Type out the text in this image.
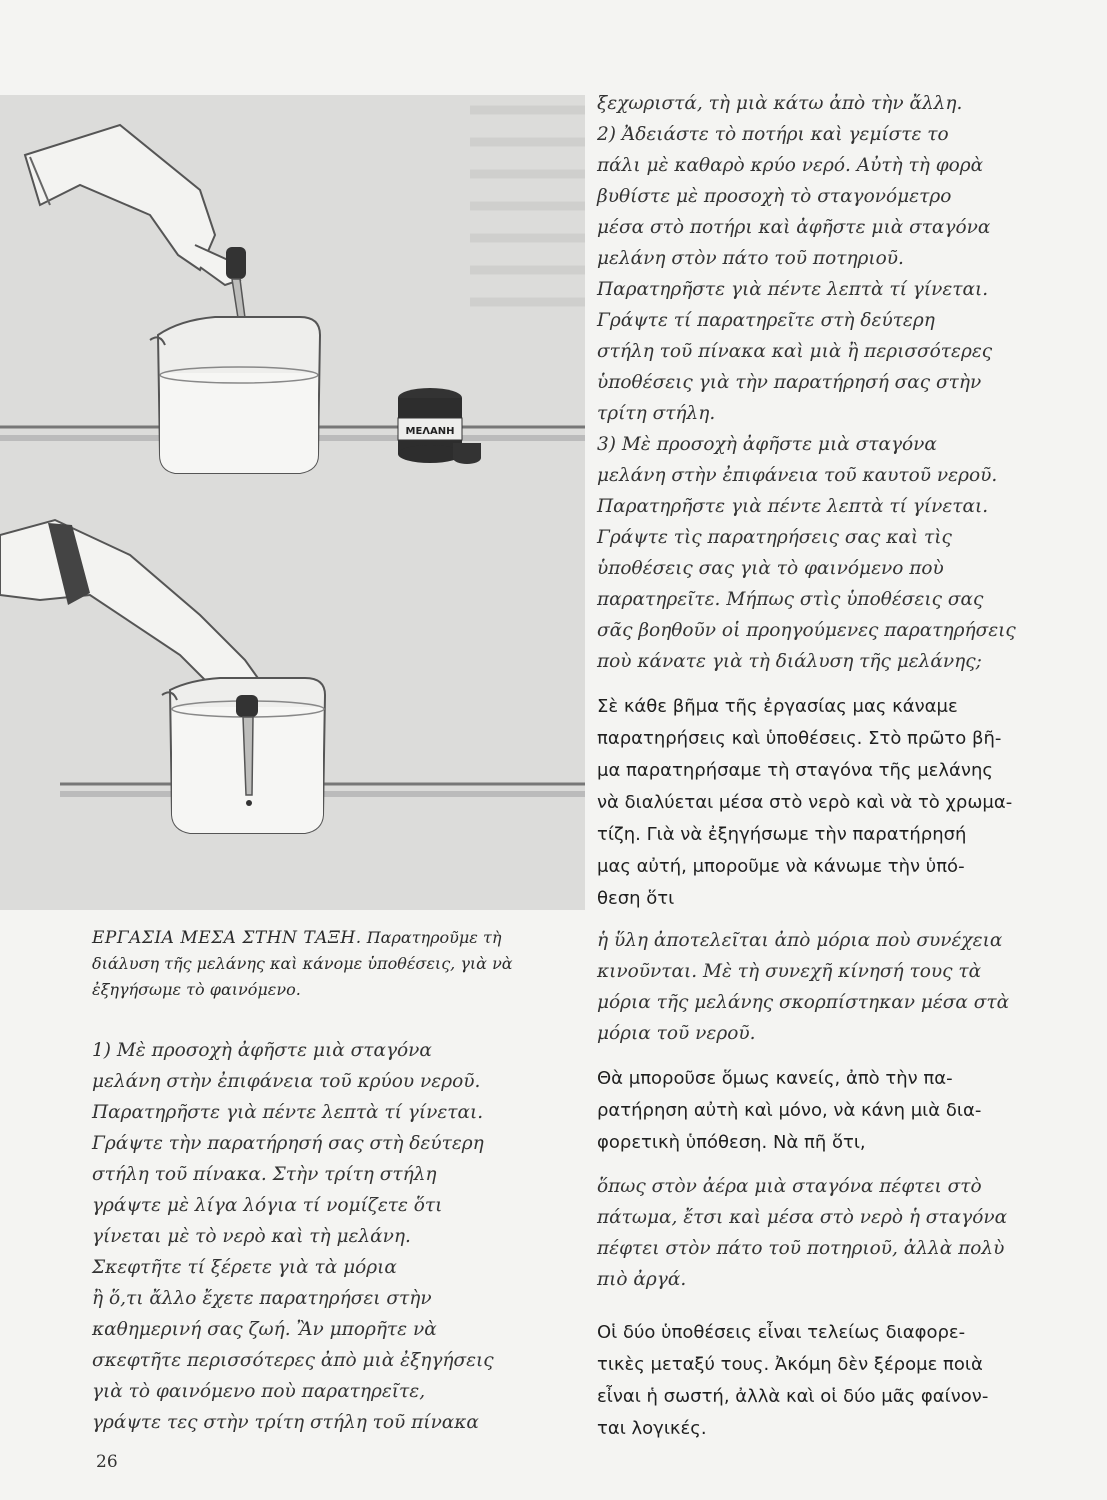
ΜΕΛΑΝΗ
ΕΡΓΑΣΙΑ ΜΕΣΑ ΣΤΗΝ ΤΑΞΗ. Παρατηροῦμε τὴ διάλυση τῆς μελάνης καὶ κάνομε ὑποθέσεις, γιὰ νὰ ἐξηγήσωμε τὸ φαινόμενο.
1) Μὲ προσοχὴ ἀφῆστε μιὰ σταγόνα
μελάνη στὴν ἐπιφάνεια τοῦ κρύου νεροῦ.
Παρατηρῆστε γιὰ πέντε λεπτὰ τί γίνεται.
Γράψτε τὴν παρατήρησή σας στὴ δεύτερη
στήλη τοῦ πίνακα. Στὴν τρίτη στήλη
γράψτε μὲ λίγα λόγια τί νομίζετε ὅτι
γίνεται μὲ τὸ νερὸ καὶ τὴ μελάνη.
Σκεφτῆτε τί ξέρετε γιὰ τὰ μόρια
ἢ ὅ,τι ἄλλο ἔχετε παρατηρήσει στὴν
καθημερινή σας ζωή. Ἂν μπορῆτε νὰ
σκεφτῆτε περισσότερες ἀπὸ μιὰ ἐξηγήσεις
γιὰ τὸ φαινόμενο ποὺ παρατηρεῖτε,
γράψτε τες στὴν τρίτη στήλη τοῦ πίνακα

ξεχωριστά, τὴ μιὰ κάτω ἀπὸ τὴν ἄλλη.
2) Ἀδειάστε τὸ ποτήρι καὶ γεμίστε το
πάλι μὲ καθαρὸ κρύο νερό. Αὐτὴ τὴ φορὰ
βυθίστε μὲ προσοχὴ τὸ σταγονόμετρο
μέσα στὸ ποτήρι καὶ ἀφῆστε μιὰ σταγόνα
μελάνη στὸν πάτο τοῦ ποτηριοῦ.
Παρατηρῆστε γιὰ πέντε λεπτὰ τί γίνεται.
Γράψτε τί παρατηρεῖτε στὴ δεύτερη
στήλη τοῦ πίνακα καὶ μιὰ ἢ περισσότερες
ὑποθέσεις γιὰ τὴν παρατήρησή σας στὴν
τρίτη στήλη.
3) Μὲ προσοχὴ ἀφῆστε μιὰ σταγόνα
μελάνη στὴν ἐπιφάνεια τοῦ καυτοῦ νεροῦ.
Παρατηρῆστε γιὰ πέντε λεπτὰ τί γίνεται.
Γράψτε τὶς παρατηρήσεις σας καὶ τὶς
ὑποθέσεις σας γιὰ τὸ φαινόμενο ποὺ
παρατηρεῖτε. Μήπως στὶς ὑποθέσεις σας
σᾶς βοηθοῦν οἱ προηγούμενες παρατηρήσεις
ποὺ κάνατε γιὰ τὴ διάλυση τῆς μελάνης;

Σὲ κάθε βῆμα τῆς ἐργασίας μας κάναμε
παρατηρήσεις καὶ ὑποθέσεις. Στὸ πρῶτο βῆ-
μα παρατηρήσαμε τὴ σταγόνα τῆς μελάνης
νὰ διαλύεται μέσα στὸ νερὸ καὶ νὰ τὸ χρωμα-
τίζη. Γιὰ νὰ ἐξηγήσωμε τὴν παρατήρησή
μας αὐτή, μποροῦμε νὰ κάνωμε τὴν ὑπό-
θεση ὅτι

ἡ ὕλη ἀποτελεῖται ἀπὸ μόρια ποὺ συνέχεια
κινοῦνται. Μὲ τὴ συνεχῆ κίνησή τους τὰ
μόρια τῆς μελάνης σκορπίστηκαν μέσα στὰ
μόρια τοῦ νεροῦ.

Θὰ μποροῦσε ὅμως κανείς, ἀπὸ τὴν πα-
ρατήρηση αὐτὴ καὶ μόνο, νὰ κάνη μιὰ δια-
φορετικὴ ὑπόθεση. Νὰ πῆ ὅτι,

ὅπως στὸν ἀέρα μιὰ σταγόνα πέφτει στὸ
πάτωμα, ἔτσι καὶ μέσα στὸ νερὸ ἡ σταγόνα
πέφτει στὸν πάτο τοῦ ποτηριοῦ, ἀλλὰ πολὺ
πιὸ ἀργά.

Οἱ δύο ὑποθέσεις εἶναι τελείως διαφορε-
τικὲς μεταξύ τους. Ἀκόμη δὲν ξέρομε ποιὰ
εἶναι ἡ σωστή, ἀλλὰ καὶ οἱ δύο μᾶς φαίνον-
ται λογικές.

26
